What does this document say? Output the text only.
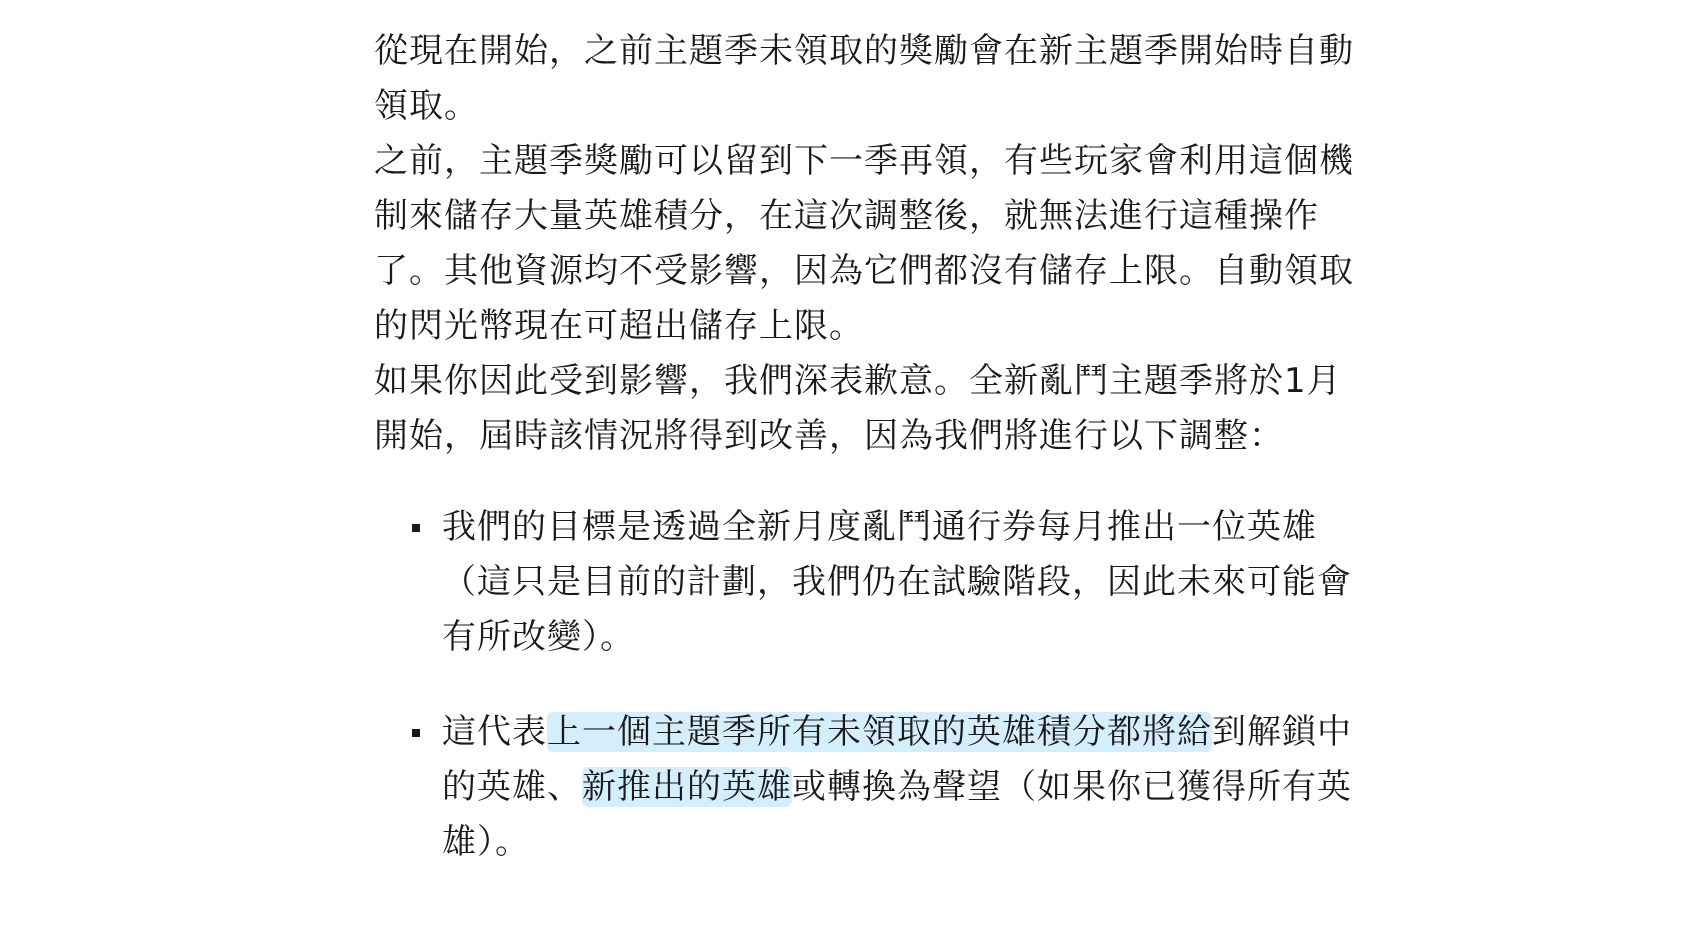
從現在開始，之前主題季未領取的獎勵會在新主題季開始時自動領取。

之前，主題季獎勵可以留到下一季再領，有些玩家會利用這個機制來儲存大量英雄積分，在這次調整後，就無法進行這種操作了。其他資源均不受影響，因為它們都沒有儲存上限。自動領取的閃光幣現在可超出儲存上限。

如果你因此受到影響，我們深表歉意。全新亂鬥主題季將於1月開始，屆時該情況將得到改善，因為我們將進行以下調整：

我們的目標是透過全新月度亂鬥通行券每月推出一位英雄（這只是目前的計劃，我們仍在試驗階段，因此未來可能會有所改變）。
這代表上一個主題季所有未領取的英雄積分都將給到解鎖中的英雄、新推出的英雄或轉換為聲望（如果你已獲得所有英雄）。
